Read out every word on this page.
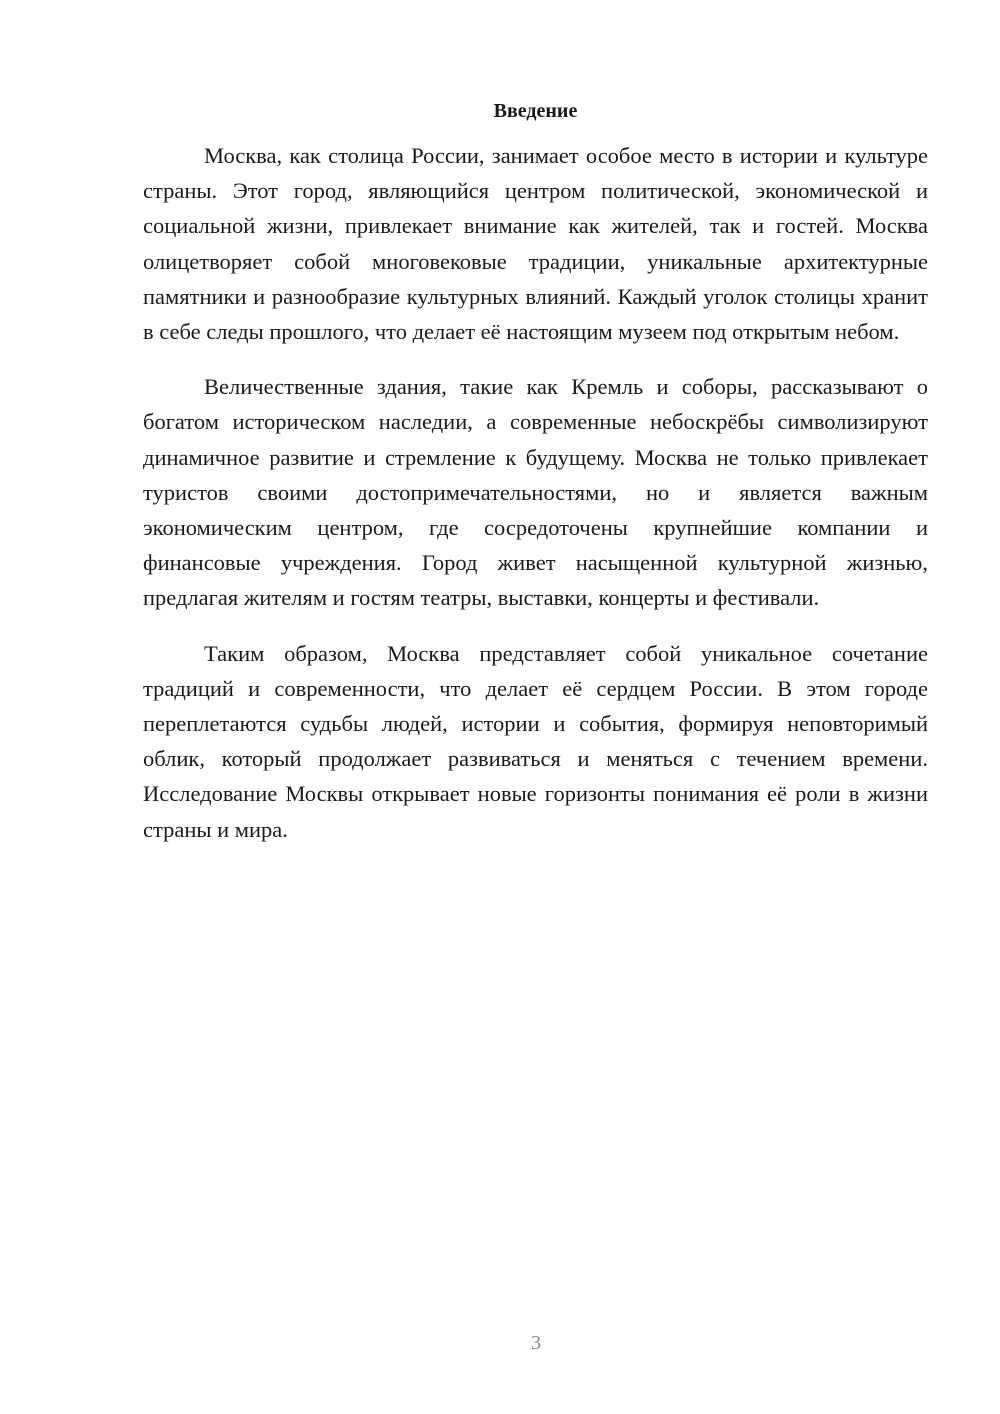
Введение

Москва, как столица России, занимает особое место в истории и культуре страны. Этот город, являющийся центром политической, экономической и социальной жизни, привлекает внимание как жителей, так и гостей. Москва олицетворяет собой многовековые традиции, уникальные архитектурные памятники и разнообразие культурных влияний. Каждый уголок столицы хранит в себе следы прошлого, что делает её настоящим музеем под открытым небом.

Величественные здания, такие как Кремль и соборы, рассказывают о богатом историческом наследии, а современные небоскрёбы символизируют динамичное развитие и стремление к будущему. Москва не только привлекает туристов своими достопримечательностями, но и является важным экономическим центром, где сосредоточены крупнейшие компании и финансовые учреждения. Город живет насыщенной культурной жизнью, предлагая жителям и гостям театры, выставки, концерты и фестивали.

Таким образом, Москва представляет собой уникальное сочетание традиций и современности, что делает её сердцем России. В этом городе переплетаются судьбы людей, истории и события, формируя неповторимый облик, который продолжает развиваться и меняться с течением времени. Исследование Москвы открывает новые горизонты понимания её роли в жизни страны и мира.

3
